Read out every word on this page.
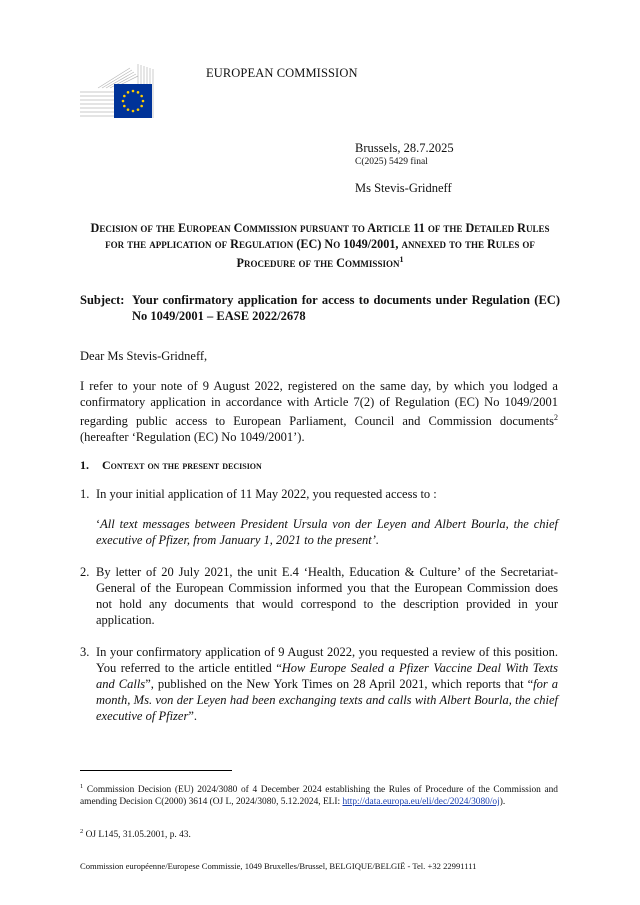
EUROPEAN COMMISSION
Brussels, 28.7.2025
C(2025) 5429 final
Ms Stevis-Gridneff
Decision of the European Commission pursuant to Article 11 of the Detailed Rules for the application of Regulation (EC) No 1049/2001, annexed to the Rules of Procedure of the Commission$^1$
Subject: Your confirmatory application for access to documents under Regulation (EC) No 1049/2001 – EASE 2022/2678
Dear Ms Stevis-Gridneff,
I refer to your note of 9 August 2022, registered on the same day, by which you lodged a confirmatory application in accordance with Article 7(2) of Regulation (EC) No 1049/2001 regarding public access to European Parliament, Council and Commission documents$^2$ (hereafter ‘Regulation (EC) No 1049/2001’).
1. Context on the present decision
1. In your initial application of 11 May 2022, you requested access to :
‘All text messages between President Ursula von der Leyen and Albert Bourla, the chief executive of Pfizer, from January 1, 2021 to the present’.
2. By letter of 20 July 2021, the unit E.4 ‘Health, Education & Culture’ of the Secretariat-General of the European Commission informed you that the European Commission does not hold any documents that would correspond to the description provided in your application.
3. In your confirmatory application of 9 August 2022, you requested a review of this position. You referred to the article entitled “How Europe Sealed a Pfizer Vaccine Deal With Texts and Calls”, published on the New York Times on 28 April 2021, which reports that “for a month, Ms. von der Leyen had been exchanging texts and calls with Albert Bourla, the chief executive of Pfizer”.
$^1$ Commission Decision (EU) 2024/3080 of 4 December 2024 establishing the Rules of Procedure of the Commission and amending Decision C(2000) 3614 (OJ L, 2024/3080, 5.12.2024, ELI: http://data.europa.eu/eli/dec/2024/3080/oj).
$^2$ OJ L145, 31.05.2001, p. 43.
Commission européenne/Europese Commissie, 1049 Bruxelles/Brussel, BELGIQUE/BELGIË - Tel. +32 22991111
